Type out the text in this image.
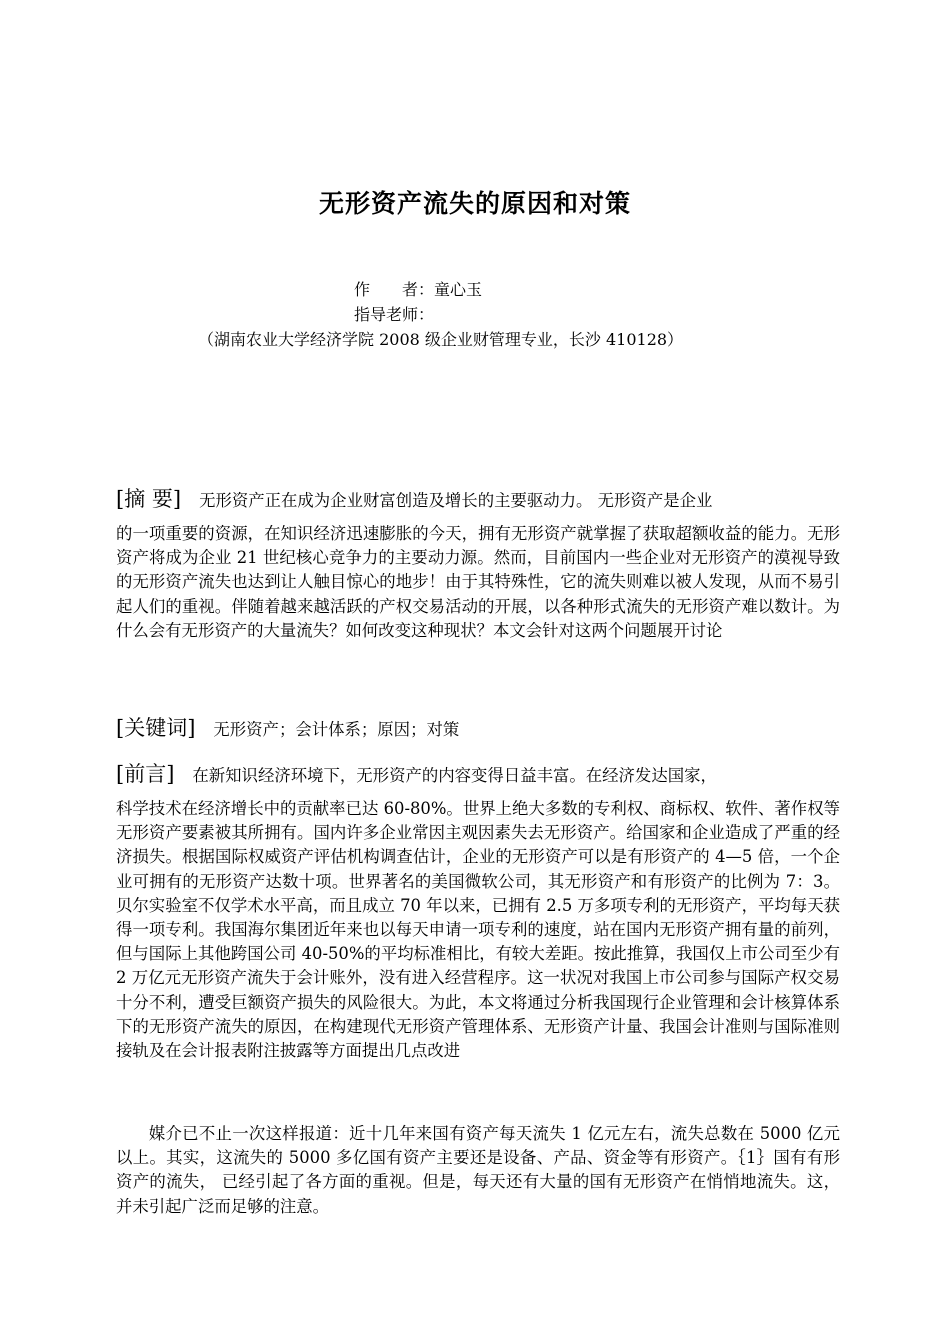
无形资产流失的原因和对策
作　　者：童心玉
指导老师：
（湖南农业大学经济学院 2008 级企业财管理专业，长沙 410128）
[摘 要] 无形资产正在成为企业财富创造及增长的主要驱动力。 无形资产是企业

的一项重要的资源，在知识经济迅速膨胀的今天，拥有无形资产就掌握了获取超额收益的能力。无形资产将成为企业 21 世纪核心竞争力的主要动力源。然而，目前国内一些企业对无形资产的漠视导致的无形资产流失也达到让人触目惊心的地步！由于其特殊性，它的流失则难以被人发现，从而不易引起人们的重视。伴随着越来越活跃的产权交易活动的开展，以各种形式流失的无形资产难以数计。为什么会有无形资产的大量流失？如何改变这种现状？本文会针对这两个问题展开讨论

[关键词] 无形资产；会计体系；原因；对策
[前言] 在新知识经济环境下，无形资产的内容变得日益丰富。在经济发达国家，

科学技术在经济增长中的贡献率已达 60-80%。世界上绝大多数的专利权、商标权、软件、著作权等无形资产要素被其所拥有。国内许多企业常因主观因素失去无形资产。给国家和企业造成了严重的经济损失。根据国际权威资产评估机构调查估计，企业的无形资产可以是有形资产的 4—5 倍，一个企业可拥有的无形资产达数十项。世界著名的美国微软公司，其无形资产和有形资产的比例为 7：3。贝尔实验室不仅学术水平高，而且成立 70 年以来，已拥有 2.5 万多项专利的无形资产，平均每天获得一项专利。我国海尔集团近年来也以每天申请一项专利的速度，站在国内无形资产拥有量的前列，但与国际上其他跨国公司 40-50%的平均标准相比，有较大差距。按此推算，我国仅上市公司至少有 2 万亿元无形资产流失于会计账外，没有进入经营程序。这一状况对我国上市公司参与国际产权交易十分不利，遭受巨额资产损失的风险很大。为此，本文将通过分析我国现行企业管理和会计核算体系下的无形资产流失的原因，在构建现代无形资产管理体系、无形资产计量、我国会计准则与国际准则接轨及在会计报表附注披露等方面提出几点改进

媒介已不止一次这样报道：近十几年来国有资产每天流失 1 亿元左右，流失总数在 5000 亿元以上。其实，这流失的 5000 多亿国有资产主要还是设备、产品、资金等有形资产。｛1｝国有有形资产的流失， 已经引起了各方面的重视。但是，每天还有大量的国有无形资产在悄悄地流失。这，并未引起广泛而足够的注意。
